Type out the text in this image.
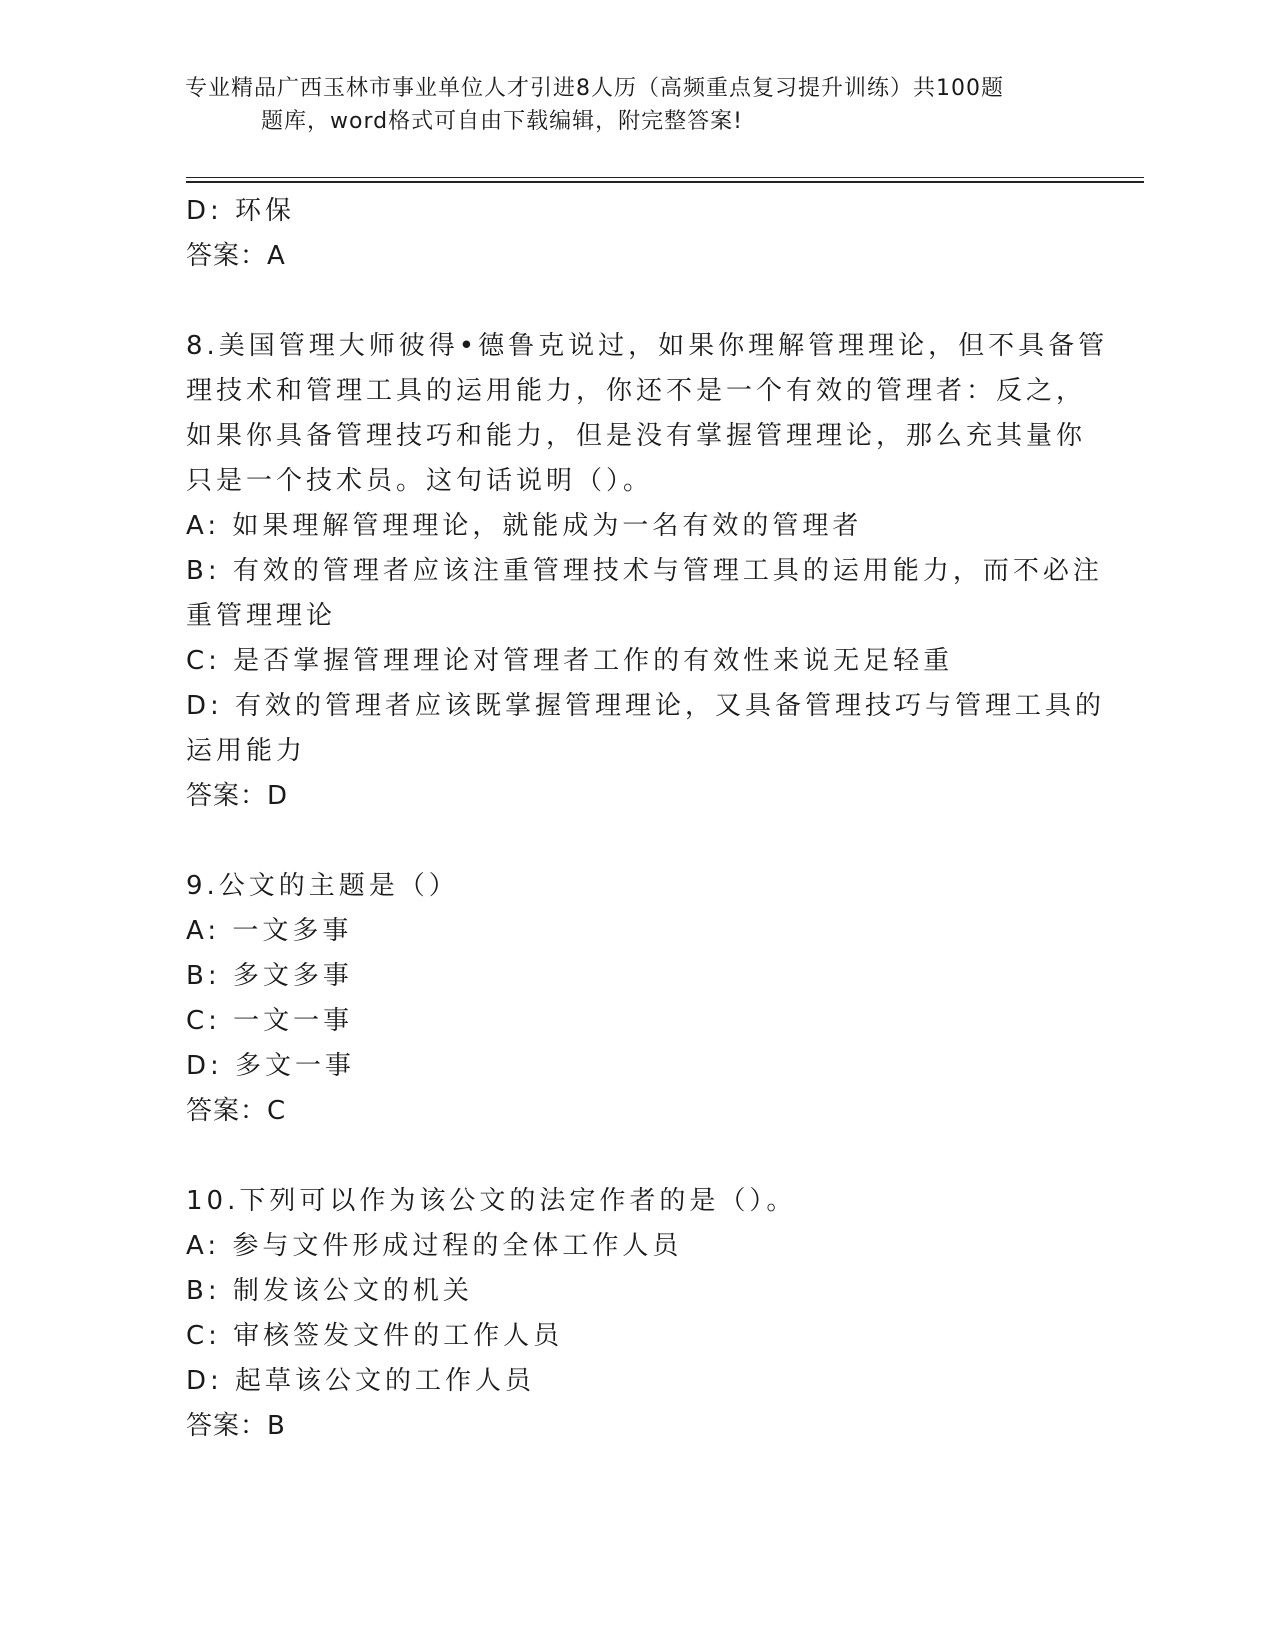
专业精品广西玉林市事业单位人才引进8人历（高频重点复习提升训练）共100题
题库，word格式可自由下载编辑，附完整答案!
D: 环保
答案：A
8.美国管理大师彼得•德鲁克说过，如果你理解管理理论，但不具备管
理技术和管理工具的运用能力，你还不是一个有效的管理者：反之，
如果你具备管理技巧和能力，但是没有掌握管理理论，那么充其量你
只是一个技术员。这句话说明（）。
A: 如果理解管理理论，就能成为一名有效的管理者
B: 有效的管理者应该注重管理技术与管理工具的运用能力，而不必注
重管理理论
C: 是否掌握管理理论对管理者工作的有效性来说无足轻重
D: 有效的管理者应该既掌握管理理论，又具备管理技巧与管理工具的
运用能力
答案：D
9.公文的主题是（）
A: 一文多事
B: 多文多事
C: 一文一事
D: 多文一事
答案：C
10.下列可以作为该公文的法定作者的是（）。
A: 参与文件形成过程的全体工作人员
B: 制发该公文的机关
C: 审核签发文件的工作人员
D: 起草该公文的工作人员
答案：B
